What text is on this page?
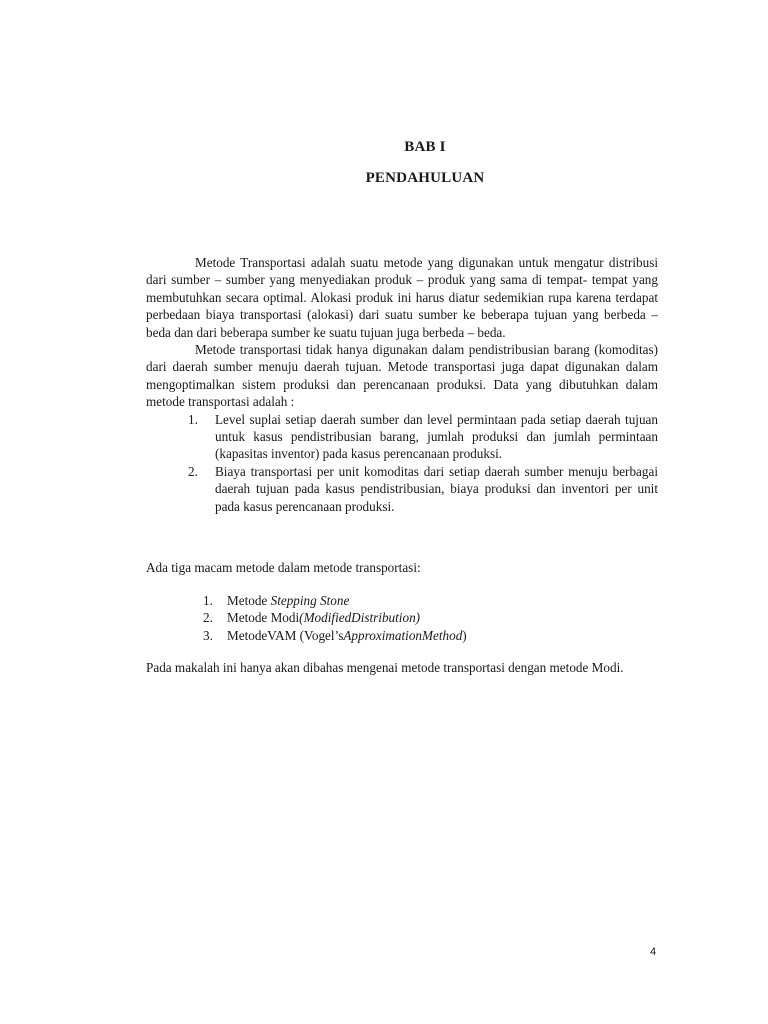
BAB I
PENDAHULUAN

Metode Transportasi adalah suatu metode yang digunakan untuk mengatur distribusi dari sumber – sumber yang menyediakan produk – produk yang sama di tempat- tempat yang membutuhkan secara optimal. Alokasi produk ini harus diatur sedemikian rupa karena terdapat perbedaan biaya transportasi (alokasi) dari suatu sumber ke beberapa tujuan yang berbeda – beda dan dari beberapa sumber ke suatu tujuan juga berbeda – beda.

Metode transportasi tidak hanya digunakan dalam pendistribusian barang (komoditas) dari daerah sumber menuju daerah tujuan. Metode transportasi juga dapat digunakan dalam mengoptimalkan sistem produksi dan perencanaan produksi. Data yang dibutuhkan dalam metode transportasi adalah :

1. Level suplai setiap daerah sumber dan level permintaan pada setiap daerah tujuan untuk kasus pendistribusian barang, jumlah produksi dan jumlah permintaan (kapasitas inventor) pada kasus perencanaan produksi.
2. Biaya transportasi per unit komoditas dari setiap daerah sumber menuju berbagai daerah tujuan pada kasus pendistribusian, biaya produksi dan inventori per unit pada kasus perencanaan produksi.

Ada tiga macam metode dalam metode transportasi:

1. Metode Stepping Stone
2. Metode Modi(ModifiedDistribution)
3. MetodeVAM (Vogel’sApproximationMethod)

Pada makalah ini hanya akan dibahas mengenai metode transportasi dengan metode Modi.

4
